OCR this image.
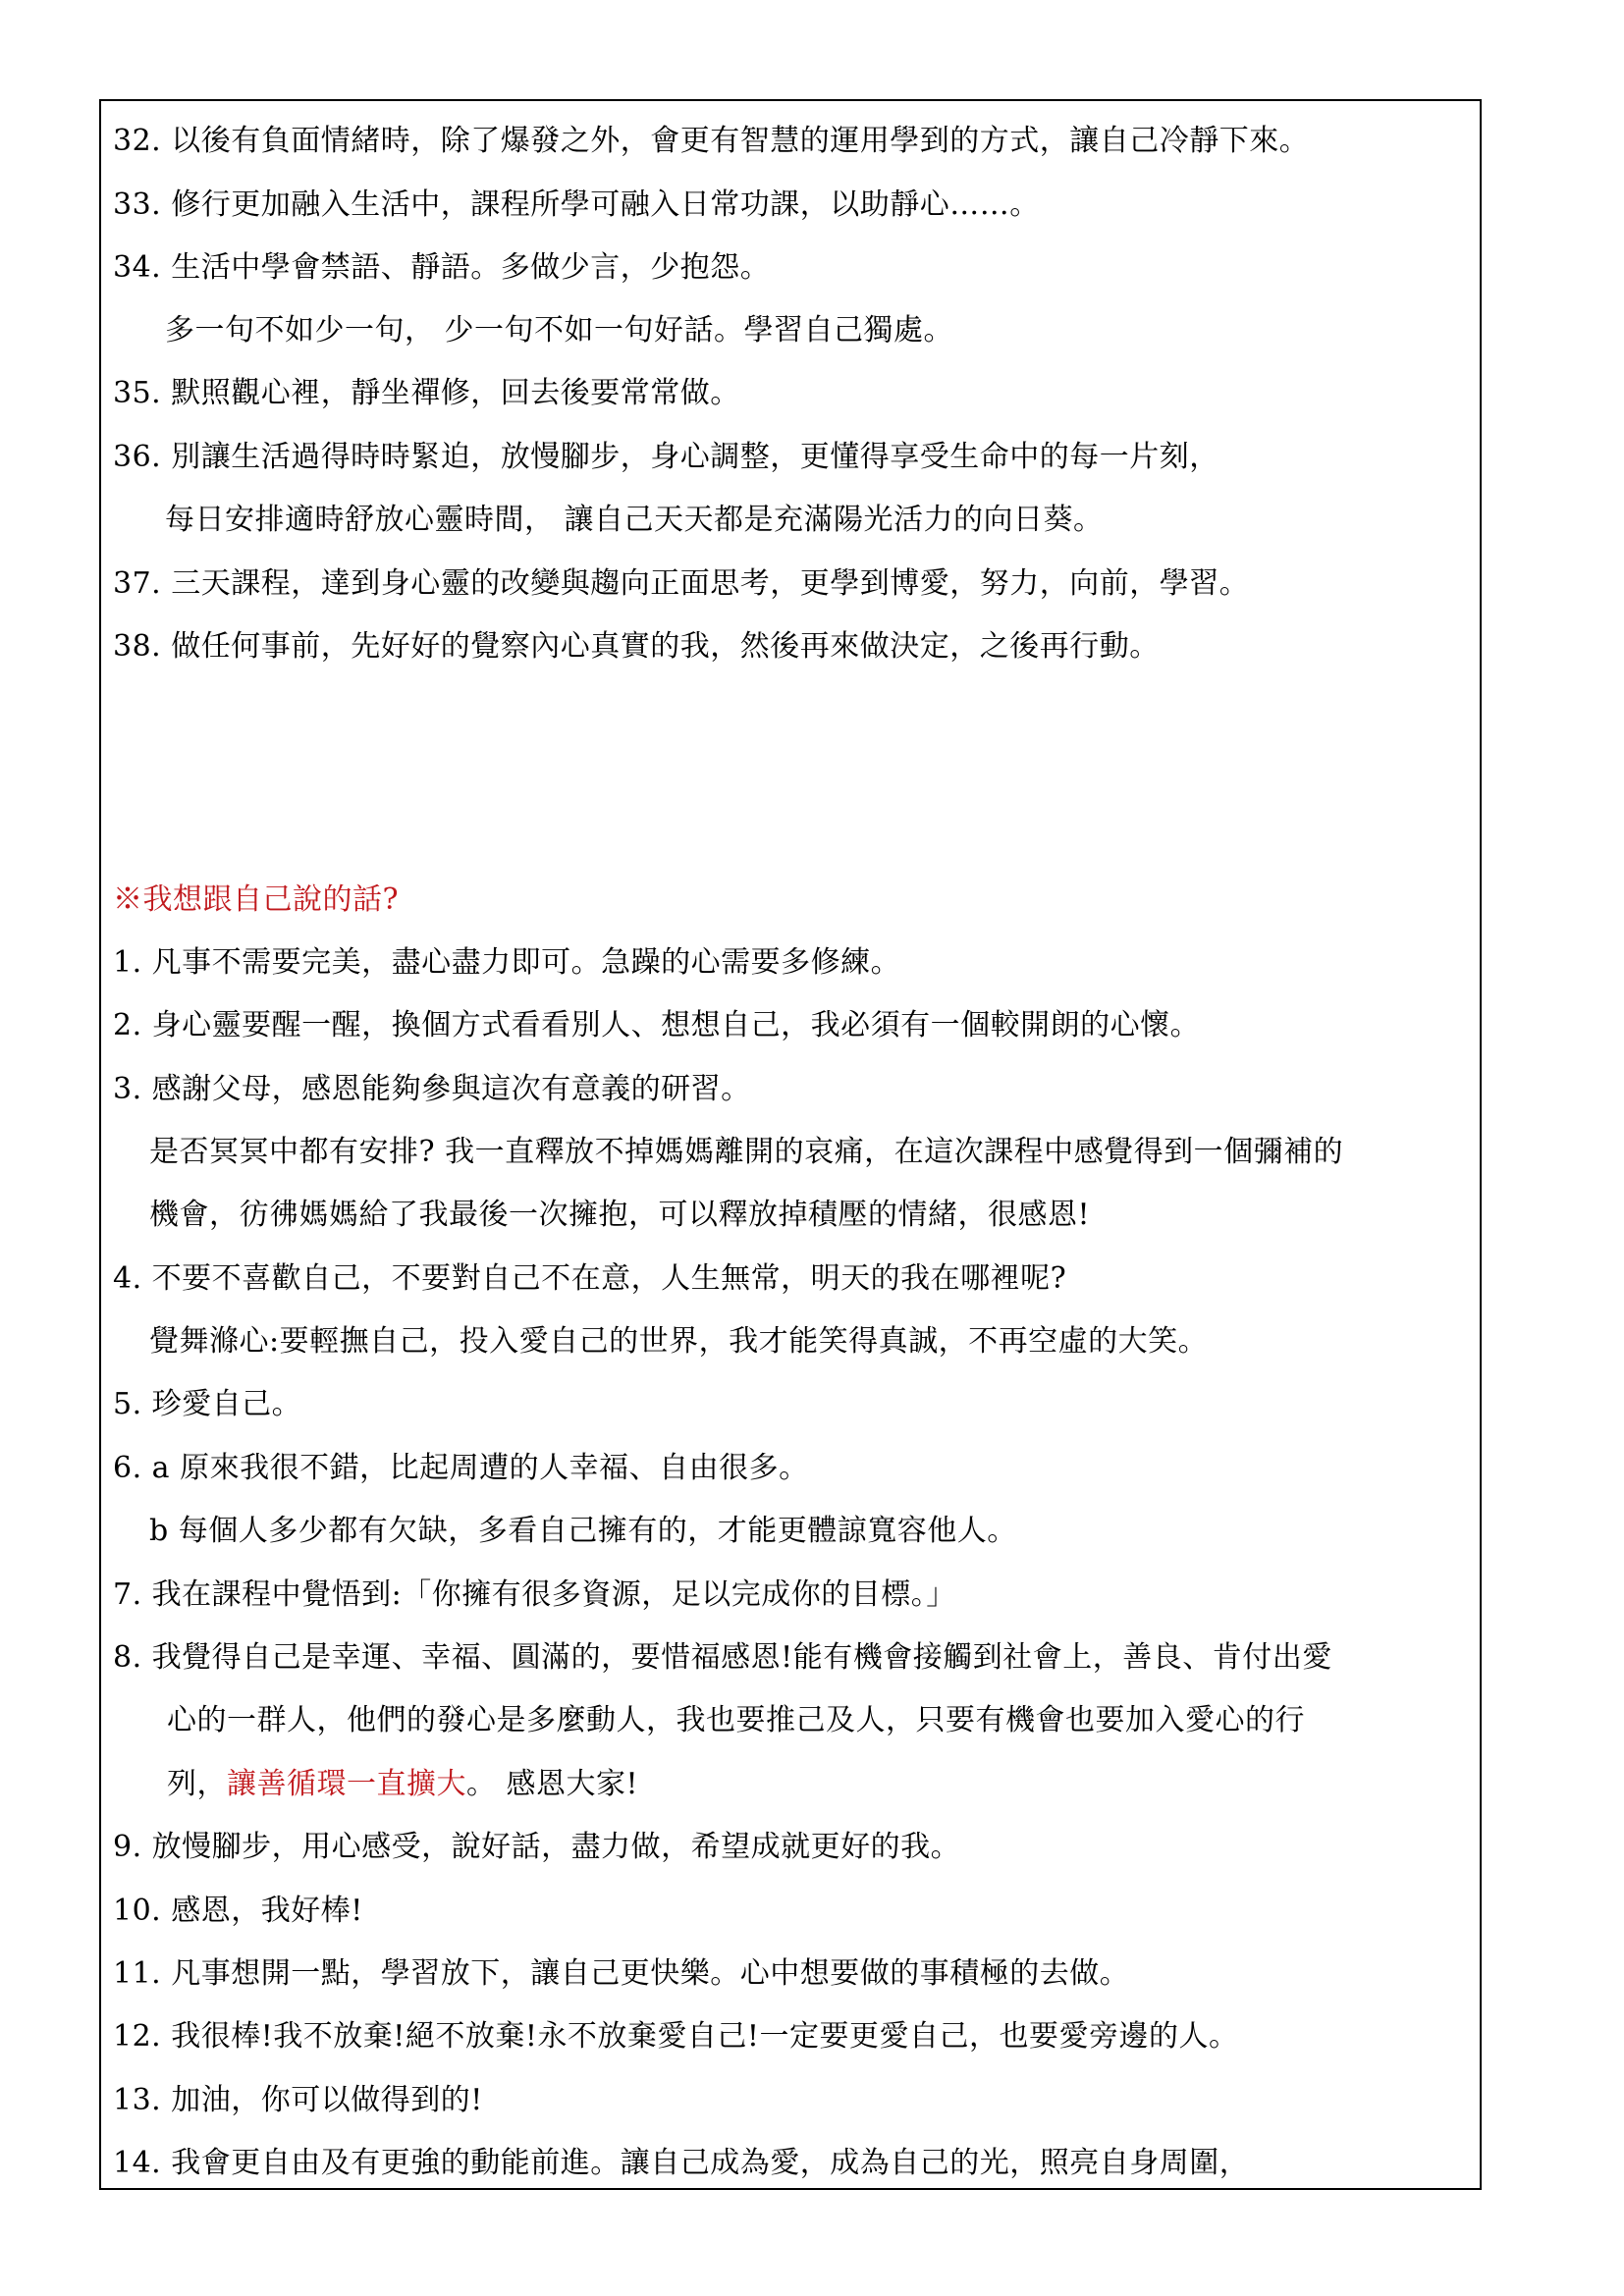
32. 以後有負面情緒時，除了爆發之外，會更有智慧的運用學到的方式，讓自己冷靜下來。
33. 修行更加融入生活中，課程所學可融入日常功課，以助靜心……。
34. 生活中學會禁語、靜語。多做少言，少抱怨。
多一句不如少一句， 少一句不如一句好話。學習自己獨處。
35. 默照觀心裡，靜坐禪修，回去後要常常做。
36. 別讓生活過得時時緊迫，放慢腳步，身心調整，更懂得享受生命中的每一片刻，
每日安排適時舒放心靈時間， 讓自己天天都是充滿陽光活力的向日葵。
37. 三天課程，達到身心靈的改變與趨向正面思考，更學到博愛，努力，向前，學習。
38. 做任何事前，先好好的覺察內心真實的我，然後再來做決定，之後再行動。
※我想跟自己說的話?
1. 凡事不需要完美，盡心盡力即可。急躁的心需要多修練。
2. 身心靈要醒一醒，換個方式看看別人、想想自己，我必須有一個較開朗的心懷。
3. 感謝父母，感恩能夠參與這次有意義的研習。
是否冥冥中都有安排? 我一直釋放不掉媽媽離開的哀痛，在這次課程中感覺得到一個彌補的
機會，彷彿媽媽給了我最後一次擁抱，可以釋放掉積壓的情緒，很感恩!
4. 不要不喜歡自己，不要對自己不在意，人生無常，明天的我在哪裡呢?
覺舞滌心:要輕撫自己，投入愛自己的世界，我才能笑得真誠，不再空虛的大笑。
5. 珍愛自己。
6. a 原來我很不錯，比起周遭的人幸福、自由很多。
b 每個人多少都有欠缺，多看自己擁有的，才能更體諒寬容他人。
7. 我在課程中覺悟到:「你擁有很多資源，足以完成你的目標。」
8. 我覺得自己是幸運、幸福、圓滿的，要惜福感恩!能有機會接觸到社會上，善良、肯付出愛
心的一群人，他們的發心是多麼動人，我也要推己及人，只要有機會也要加入愛心的行
列，讓善循環一直擴大。 感恩大家!
9. 放慢腳步，用心感受，說好話，盡力做，希望成就更好的我。
10. 感恩，我好棒!
11. 凡事想開一點，學習放下，讓自己更快樂。心中想要做的事積極的去做。
12. 我很棒!我不放棄!絕不放棄!永不放棄愛自己!一定要更愛自己，也要愛旁邊的人。
13. 加油，你可以做得到的!
14. 我會更自由及有更強的動能前進。讓自己成為愛，成為自己的光，照亮自身周圍，
